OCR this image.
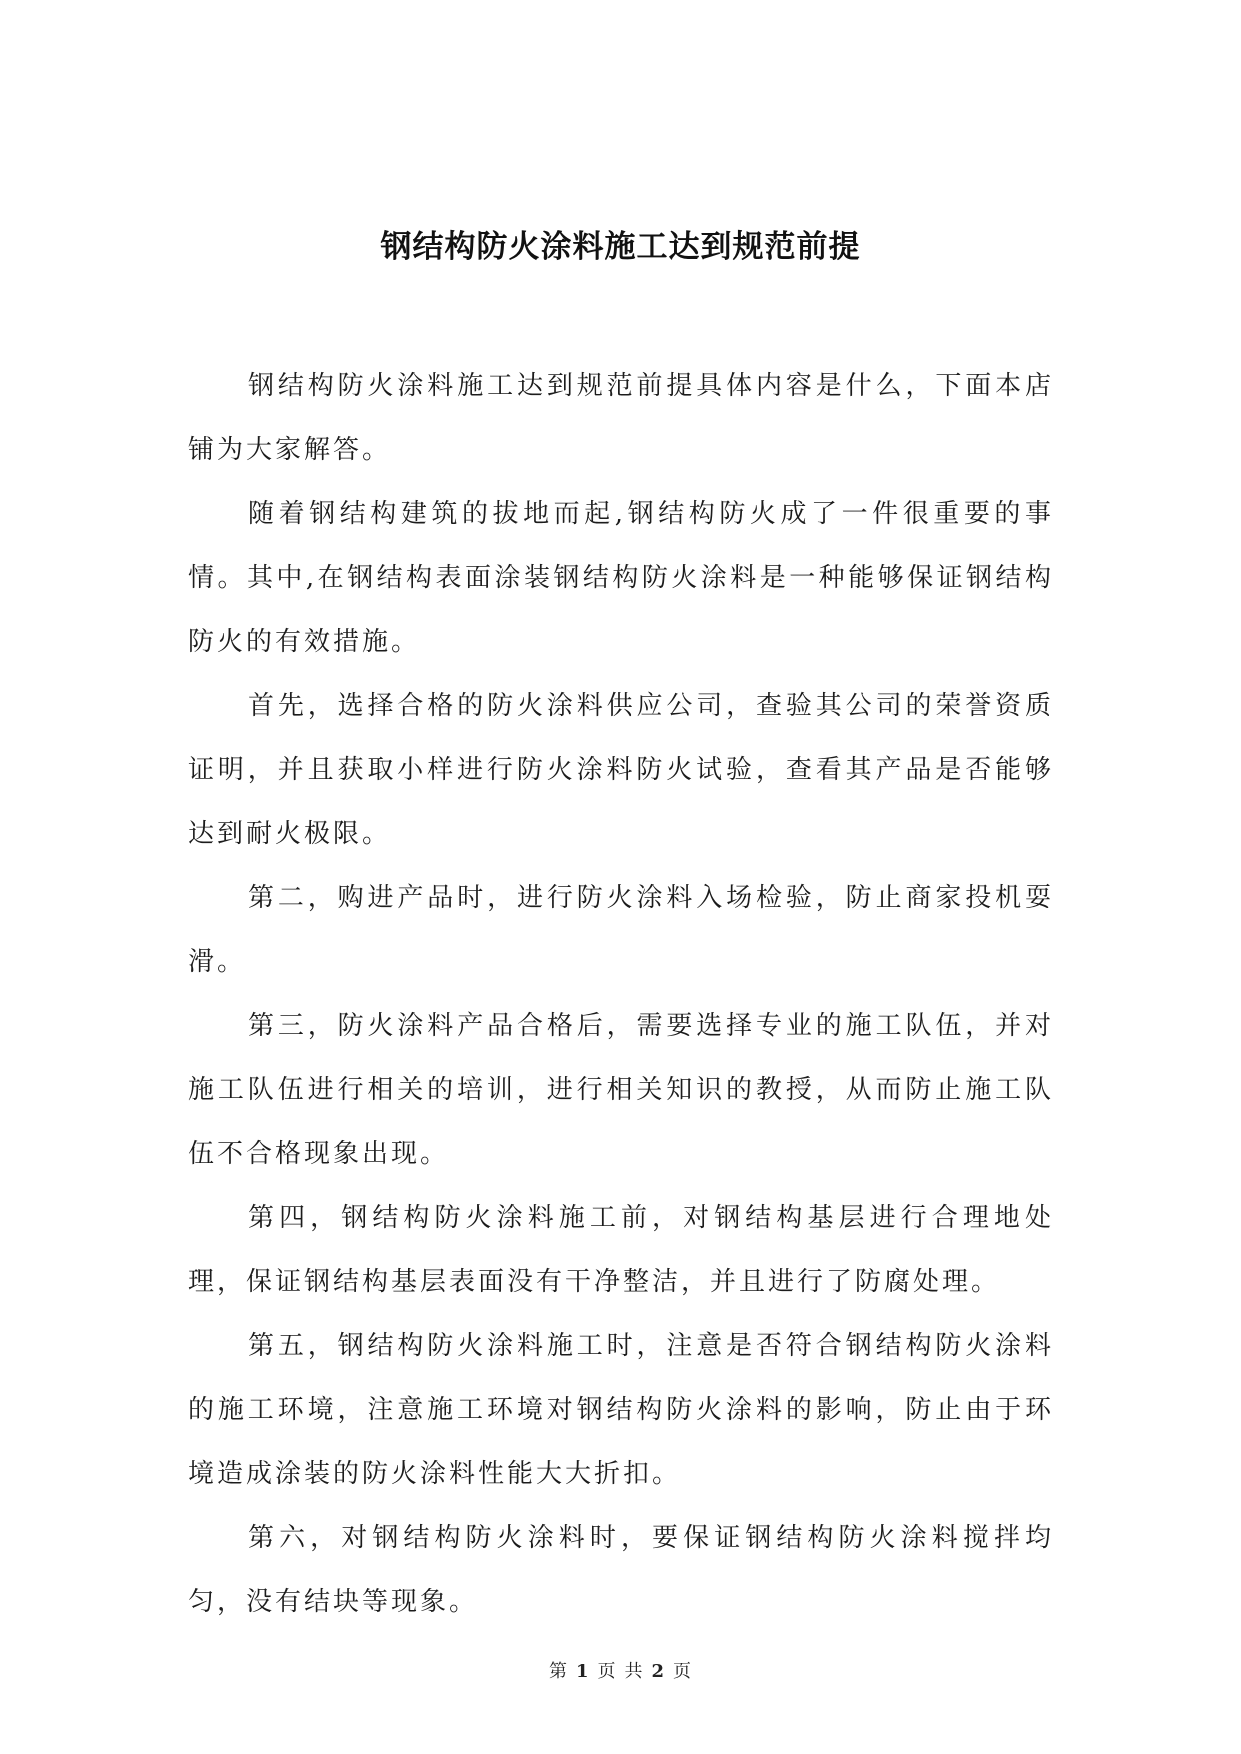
钢结构防火涂料施工达到规范前提

钢结构防火涂料施工达到规范前提具体内容是什么，下面本店铺为大家解答。

随着钢结构建筑的拔地而起,钢结构防火成了一件很重要的事情。其中,在钢结构表面涂装钢结构防火涂料是一种能够保证钢结构防火的有效措施。

首先，选择合格的防火涂料供应公司，查验其公司的荣誉资质证明，并且获取小样进行防火涂料防火试验，查看其产品是否能够达到耐火极限。

第二，购进产品时，进行防火涂料入场检验，防止商家投机耍滑。

第三，防火涂料产品合格后，需要选择专业的施工队伍，并对施工队伍进行相关的培训，进行相关知识的教授，从而防止施工队伍不合格现象出现。

第四，钢结构防火涂料施工前，对钢结构基层进行合理地处理，保证钢结构基层表面没有干净整洁，并且进行了防腐处理。

第五，钢结构防火涂料施工时，注意是否符合钢结构防火涂料的施工环境，注意施工环境对钢结构防火涂料的影响，防止由于环境造成涂装的防火涂料性能大大折扣。

第六，对钢结构防火涂料时，要保证钢结构防火涂料搅拌均匀，没有结块等现象。

第 1 页 共 2 页
